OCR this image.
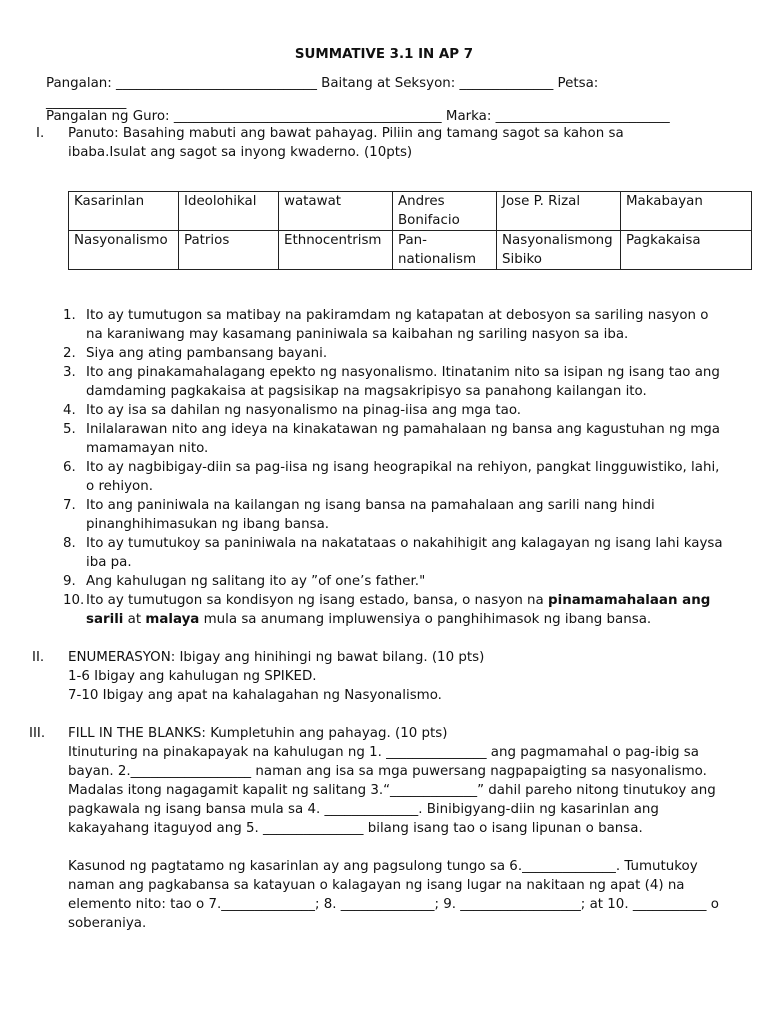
SUMMATIVE 3.1 IN AP 7
Pangalan: ______________________________ Baitang at Seksyon: ______________ Petsa:
____________
Pangalan ng Guro: ________________________________________ Marka: __________________________
I.	Panuto: Basahing mabuti ang bawat pahayag. Piliin ang tamang sagot sa kahon sa
ibaba.Isulat ang sagot sa inyong kwaderno. (10pts)
Kasarinlan	Ideolohikal	watawat	Andres Bonifacio	Jose P. Rizal	Makabayan
Nasyonalismo	Patrios	Ethnocentrism	Pan-nationalism	Nasyonalismong Sibiko	Pagkakaisa
1. Ito ay tumutugon sa matibay na pakiramdam ng katapatan at debosyon sa sariling nasyon o na karaniwang may kasamang paniniwala sa kaibahan ng sariling nasyon sa iba.
2. Siya ang ating pambansang bayani.
3. Ito ang pinakamahalagang epekto ng nasyonalismo. Itinatanim nito sa isipan ng isang tao ang damdaming pagkakaisa at pagsisikap na magsakripisyo sa panahong kailangan ito.
4. Ito ay isa sa dahilan ng nasyonalismo na pinag-iisa ang mga tao.
5. Inilalarawan nito ang ideya na kinakatawan ng pamahalaan ng bansa ang kagustuhan ng mga mamamayan nito.
6. Ito ay nagbibigay-diin sa pag-iisa ng isang heograpikal na rehiyon, pangkat lingguwistiko, lahi, o rehiyon.
7. Ito ang paniniwala na kailangan ng isang bansa na pamahalaan ang sarili nang hindi pinanghihimasukan ng ibang bansa.
8. Ito ay tumutukoy sa paniniwala na nakatataas o nakahihigit ang kalagayan ng isang lahi kaysa iba pa.
9. Ang kahulugan ng salitang ito ay ”of one’s father."
10. Ito ay tumutugon sa kondisyon ng isang estado, bansa, o nasyon na pinamamahalaan ang sarili at malaya mula sa anumang impluwensiya o panghihimasok ng ibang bansa.
II.	ENUMERASYON: Ibigay ang hinihingi ng bawat bilang. (10 pts)
1-6 Ibigay ang kahulugan ng SPIKED.
7-10 Ibigay ang apat na kahalagahan ng Nasyonalismo.
III.	FILL IN THE BLANKS: Kumpletuhin ang pahayag. (10 pts)

Itinuturing na pinakapayak na kahulugan ng 1. _______________ ang pagmamahal o pag-ibig sa bayan. 2.__________________ naman ang isa sa mga puwersang nagpapaigting sa nasyonalismo. Madalas itong nagagamit kapalit ng salitang 3.“_____________” dahil pareho nitong tinutukoy ang pagkawala ng isang bansa mula sa 4. ______________. Binibigyang-diin ng kasarinlan ang kakayahang itaguyod ang 5. _______________ bilang isang tao o isang lipunan o bansa.

Kasunod ng pagtatamo ng kasarinlan ay ang pagsulong tungo sa 6.______________. Tumutukoy naman ang pagkabansa sa katayuan o kalagayan ng isang lugar na nakitaan ng apat (4) na elemento nito: tao o 7.______________; 8. ______________; 9. __________________; at 10. ___________ o soberaniya.
